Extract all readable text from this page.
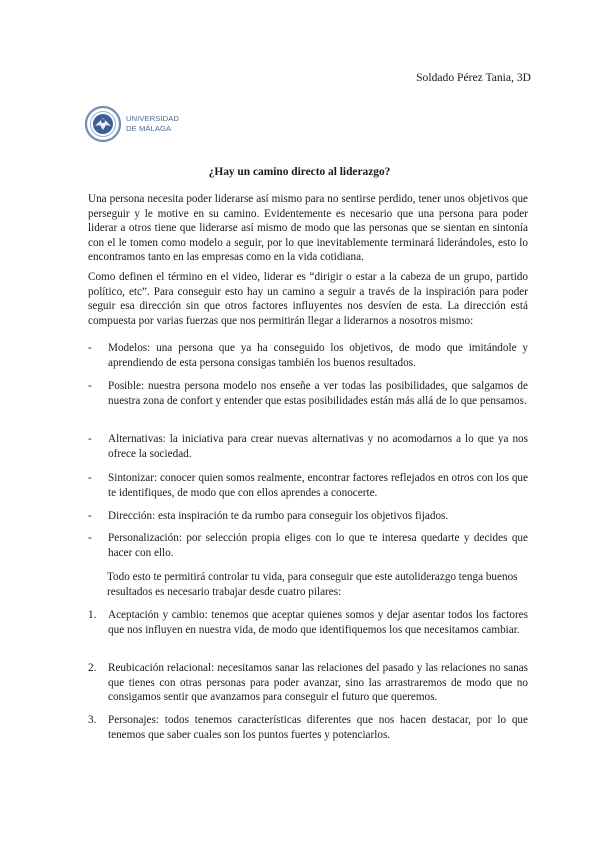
Soldado Pérez Tania, 3D
UNIVERSIDAD
DE MÁLAGA
¿Hay un camino directo al liderazgo?
Una persona necesita poder liderarse así mismo para no sentirse perdido, tener unos objetivos que perseguir y le motive en su camino. Evidentemente es necesario que una persona para poder liderar a otros tiene que liderarse así mismo de modo que las personas que se sientan en sintonía con el le tomen como modelo a seguir, por lo que inevitablemente terminará liderándoles, esto lo encontramos tanto en las empresas como en la vida cotidiana.
Como definen el término en el video, liderar es “dirigir o estar a la cabeza de un grupo, partido político, etc”. Para conseguir esto hay un camino a seguir a través de la inspiración para poder seguir esa dirección sin que otros factores influyentes nos desvíen de esta. La dirección está compuesta por varias fuerzas que nos permitirán llegar a liderarnos a nosotros mismo:
-	Modelos: una persona que ya ha conseguido los objetivos, de modo que imitándole y aprendiendo de esta persona consigas también los buenos resultados.
-	Posible: nuestra persona modelo nos enseñe a ver todas las posibilidades, que salgamos de nuestra zona de confort y entender que estas posibilidades están más allá de lo que pensamos.
-	Alternativas: la iniciativa para crear nuevas alternativas y no acomodarnos a lo que ya nos ofrece la sociedad.
-	Sintonizar: conocer quien somos realmente, encontrar factores reflejados en otros con los que te identifiques, de modo que con ellos aprendes a conocerte.
-	Dirección: esta inspiración te da rumbo para conseguir los objetivos fijados.
-	Personalización: por selección propia eliges con lo que te interesa quedarte y decides que hacer con ello.
Todo esto te permitirá controlar tu vida, para conseguir que este autoliderazgo tenga buenos resultados es necesario trabajar desde cuatro pilares:
1.	Aceptación y cambio: tenemos que aceptar quienes somos y dejar asentar todos los factores que nos influyen en nuestra vida, de modo que identifiquemos los que necesitamos cambiar.
2.	Reubicación relacional: necesitamos sanar las relaciones del pasado y las relaciones no sanas que tienes con otras personas para poder avanzar, sino las arrastraremos de modo que no consigamos sentir que avanzamos para conseguir el futuro que queremos.
3.	Personajes: todos tenemos características diferentes que nos hacen destacar, por lo que tenemos que saber cuales son los puntos fuertes y potenciarlos.
